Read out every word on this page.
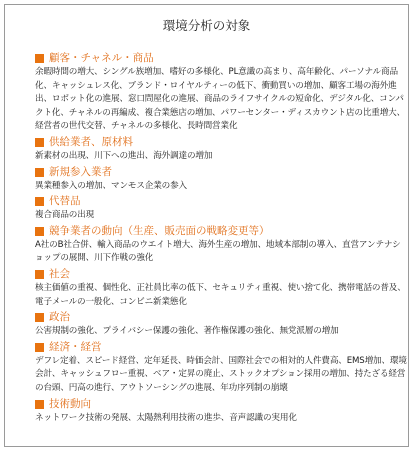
環境分析の対象
顧客・チャネル・商品
余暇時間の増大、シングル族増加、嗜好の多様化、PL意識の高まり、高年齢化、パーソナル商品化、キャッシュレス化、ブランド・ロイヤルティーの低下、衝動買いの増加、顧客工場の海外進出、ロボット化の進展、窓口問屋化の進展、商品のライフサイクルの短命化、デジタル化、コンパクト化、チャネルの再編成、複合業態店の増加、パワーセンター・ディスカウント店の比重増大、経営者の世代交替、チャネルの多様化、長時間営業化
供給業者、原材料
新素材の出現、川下への進出、海外調達の増加
新規参入業者
異業種参入の増加、マンモス企業の参入
代替品
複合商品の出現
競争業者の動向（生産、販売面の戦略変更等）
A社のB社合併、輸入商品のウエイト増大、海外生産の増加、地域本部制の導入、直営アンテナショップの展開、川下作戦の強化
社会
核主価値の重視、個性化、正社員比率の低下、セキュリティ重視、使い捨て化、携帯電話の普及、電子メールの一般化、コンビニ新業態化
政治
公害規制の強化、プライバシー保護の強化、著作権保護の強化、無党派層の増加
経済・経営
デフレ定着、スピード経営、定年延長、時価会計、国際社会での相対的人件費高、EMS増加、環境会計、キャッシュフロー重視、ベア・定昇の廃止、ストックオプション採用の増加、持たざる経営の台頭、円高の進行、アウトソーシングの進展、年功序列制の崩壊
技術動向
ネットワーク技術の発展、太陽熱利用技術の進歩、音声認識の実用化
